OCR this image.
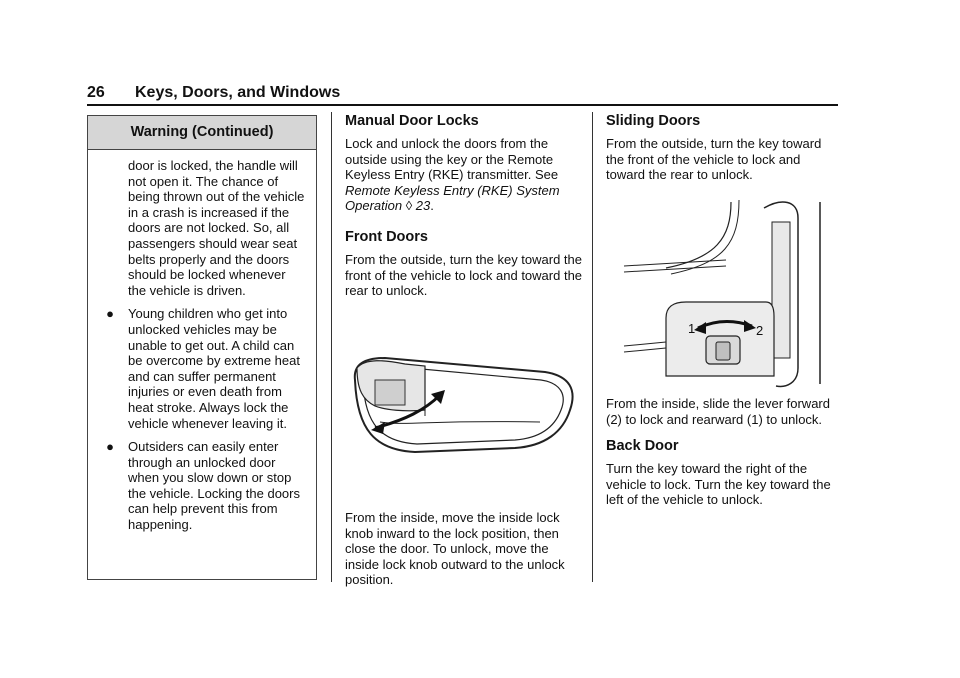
26 Keys, Doors, and Windows
Warning (Continued)

door is locked, the handle will not open it. The chance of being thrown out of the vehicle in a crash is increased if the doors are not locked. So, all passengers should wear seat belts properly and the doors should be locked whenever the vehicle is driven.

●	Young children who get into unlocked vehicles may be unable to get out. A child can be overcome by extreme heat and can suffer permanent injuries or even death from heat stroke. Always lock the vehicle whenever leaving it.
●	Outsiders can easily enter through an unlocked door when you slow down or stop the vehicle. Locking the doors can help prevent this from happening.
Manual Door Locks

Lock and unlock the doors from the outside using the key or the Remote Keyless Entry (RKE) transmitter. See Remote Keyless Entry (RKE) System Operation ◊ 23.

Front Doors

From the outside, turn the key toward the front of the vehicle to lock and toward the rear to unlock.

From the inside, move the inside lock knob inward to the lock position, then close the door. To unlock, move the inside lock knob outward to the unlock position.

Sliding Doors

From the outside, turn the key toward the front of the vehicle to lock and toward the rear to unlock.

1	2

From the inside, slide the lever forward (2) to lock and rearward (1) to unlock.

Back Door

Turn the key toward the right of the vehicle to lock. Turn the key toward the left of the vehicle to unlock.
